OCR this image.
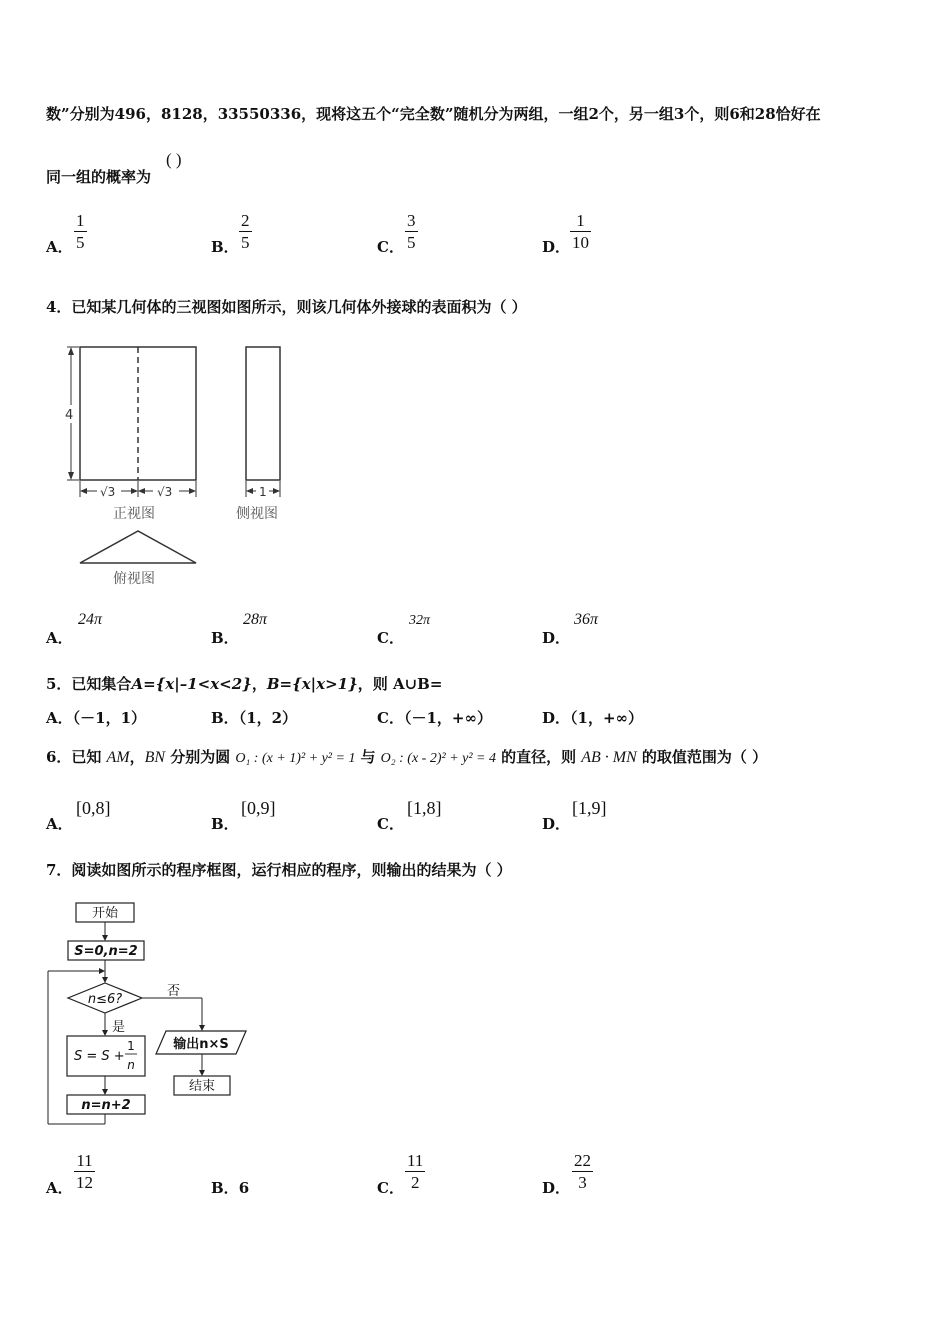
数”分别为496，8128，33550336，现将这五个“完全数”随机分为两组，一组2个，另一组3个，则6和28恰好在
同一组的概率为
( )
A． $\frac{1}{5}$	B． $\frac{2}{5}$	C． $\frac{3}{5}$	D． $\frac{1}{10}$
4．已知某几何体的三视图如图所示，则该几何体外接球的表面积为（ ）
4
√3	√3
正视图
1
侧视图
俯视图
A．
24π
B．
28π
C．
32π
D．
36π
5．已知集合A={x|–1<x<2}，B={x|x>1}，则 A∪B=
A．（－1，1）	B．（1，2）	C．（－1，+∞）	D．（1，+∞）
6．已知 AM，BN 分别为圆 O₁ : (x + 1)² + y² = 1 与 O₂ : (x - 2)² + y² = 4 的直径，则 AB · MN 的取值范围为（ ）
A．
[0,8]
B．
[0,9]
C．
[1,8]
D．
[1,9]
7．阅读如图所示的程序框图，运行相应的程序，则输出的结果为（ ）
开始
S=0,n=2
n≤6?
否
输出n×S
结束
是
S = S +
1
n
n=n+2
A． $\frac{11}{12}$	B．6	C． $\frac{11}{2}$	D． $\frac{22}{3}$
